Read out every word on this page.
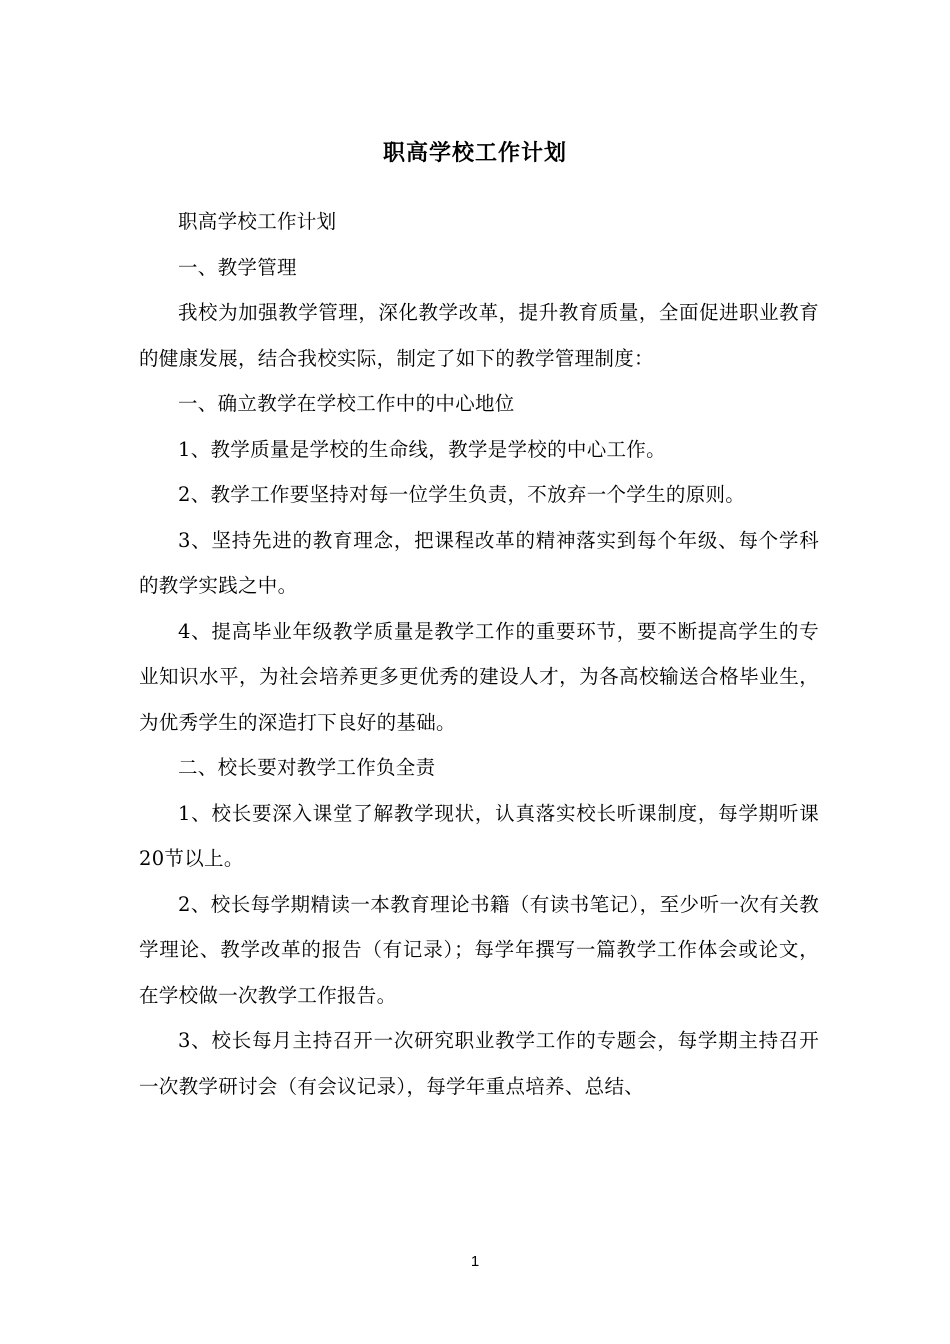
职高学校工作计划

职高学校工作计划

一、教学管理

我校为加强教学管理，深化教学改革，提升教育质量，全面促进职业教育的健康发展，结合我校实际，制定了如下的教学管理制度：

一、确立教学在学校工作中的中心地位

1、教学质量是学校的生命线，教学是学校的中心工作。

2、教学工作要坚持对每一位学生负责，不放弃一个学生的原则。

3、坚持先进的教育理念，把课程改革的精神落实到每个年级、每个学科的教学实践之中。

4、提高毕业年级教学质量是教学工作的重要环节，要不断提高学生的专业知识水平，为社会培养更多更优秀的建设人才，为各高校输送合格毕业生，为优秀学生的深造打下良好的基础。

二、校长要对教学工作负全责

1、校长要深入课堂了解教学现状，认真落实校长听课制度，每学期听课20节以上。

2、校长每学期精读一本教育理论书籍（有读书笔记），至少听一次有关教学理论、教学改革的报告（有记录）；每学年撰写一篇教学工作体会或论文，在学校做一次教学工作报告。

3、校长每月主持召开一次研究职业教学工作的专题会，每学期主持召开一次教学研讨会（有会议记录），每学年重点培养、总结、

1
